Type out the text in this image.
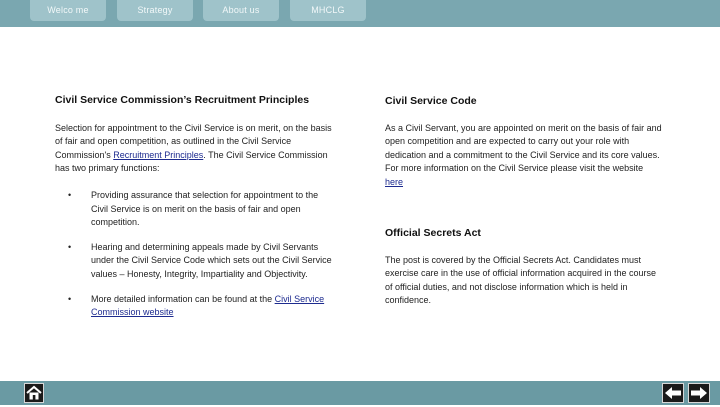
Welco me	Strategy	About us	MHCLG
Civil Service Commission’s Recruitment Principles

Selection for appointment to the Civil Service is on merit, on the basis of fair and open competition, as outlined in the Civil Service Commission's Recruitment Principles. The Civil Service Commission has two primary functions:

• Providing assurance that selection for appointment to the Civil Service is on merit on the basis of fair and open competition.
• Hearing and determining appeals made by Civil Servants under the Civil Service Code which sets out the Civil Service values – Honesty, Integrity, Impartiality and Objectivity.
• More detailed information can be found at the Civil Service Commission website
Civil Service Code

As a Civil Servant, you are appointed on merit on the basis of fair and open competition and are expected to carry out your role with dedication and a commitment to the Civil Service and its core values. For more information on the Civil Service please visit the website here

Official Secrets Act

The post is covered by the Official Secrets Act. Candidates must exercise care in the use of official information acquired in the course of official duties, and not disclose information which is held in confidence.
